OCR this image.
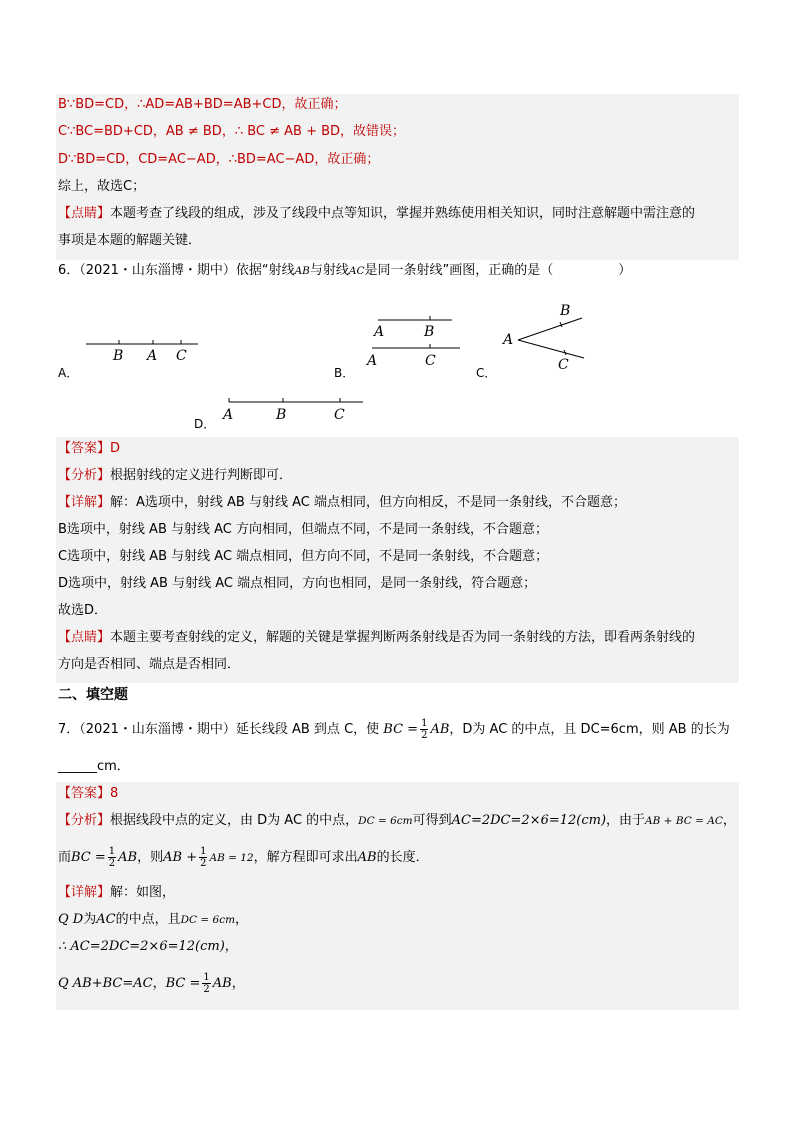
B∵BD=CD，∴AD=AB+BD=AB+CD，故正确；
C∵BC=BD+CD，AB ≠ BD，∴ BC ≠ AB + BD，故错误；
D∵BD=CD，CD=AC−AD，∴BD=AC−AD，故正确；
综上，故选C；
【点睛】本题考查了线段的组成，涉及了线段中点等知识，掌握并熟练使用相关知识，同时注意解题中需注意的
事项是本题的解题关键．
6．（2021・山东淄博・期中）依据“射线AB与射线AC是同一条射线”画图，正确的是（　　　　　）
A．
B A C
B．
A	B
A	C
C．
A
B
C
D．
A	B	C
【答案】D
【分析】根据射线的定义进行判断即可．
【详解】解：A选项中，射线 AB 与射线 AC 端点相同，但方向相反，不是同一条射线，不合题意；
B选项中，射线 AB 与射线 AC 方向相同，但端点不同，不是同一条射线，不合题意；
C选项中，射线 AB 与射线 AC 端点相同，但方向不同，不是同一条射线，不合题意；
D选项中，射线 AB 与射线 AC 端点相同，方向也相同，是同一条射线，符合题意；
故选D．
【点睛】本题主要考查射线的定义，解题的关键是掌握判断两条射线是否为同一条射线的方法，即看两条射线的
方向是否相同、端点是否相同．
二、填空题
7．（2021・山东淄博・期中）延长线段 AB 到点 C，使 BC = $\frac{1}{2}$ AB，D为 AC 的中点，且 DC=6cm，则 AB 的长为
______cm．
【答案】8
【分析】根据线段中点的定义，由 D为 AC 的中点，DC = 6cm可得到AC=2DC=2×6=12(cm)，由于AB + BC = AC，
而BC = $\frac{1}{2}$ AB，则AB + $\frac{1}{2}$ AB = 12，解方程即可求出AB的长度．
【详解】解：如图，
Q D为AC的中点，且DC = 6cm，
∴ AC=2DC=2×6=12(cm)，
Q AB+BC=AC，BC = $\frac{1}{2}$ AB，
